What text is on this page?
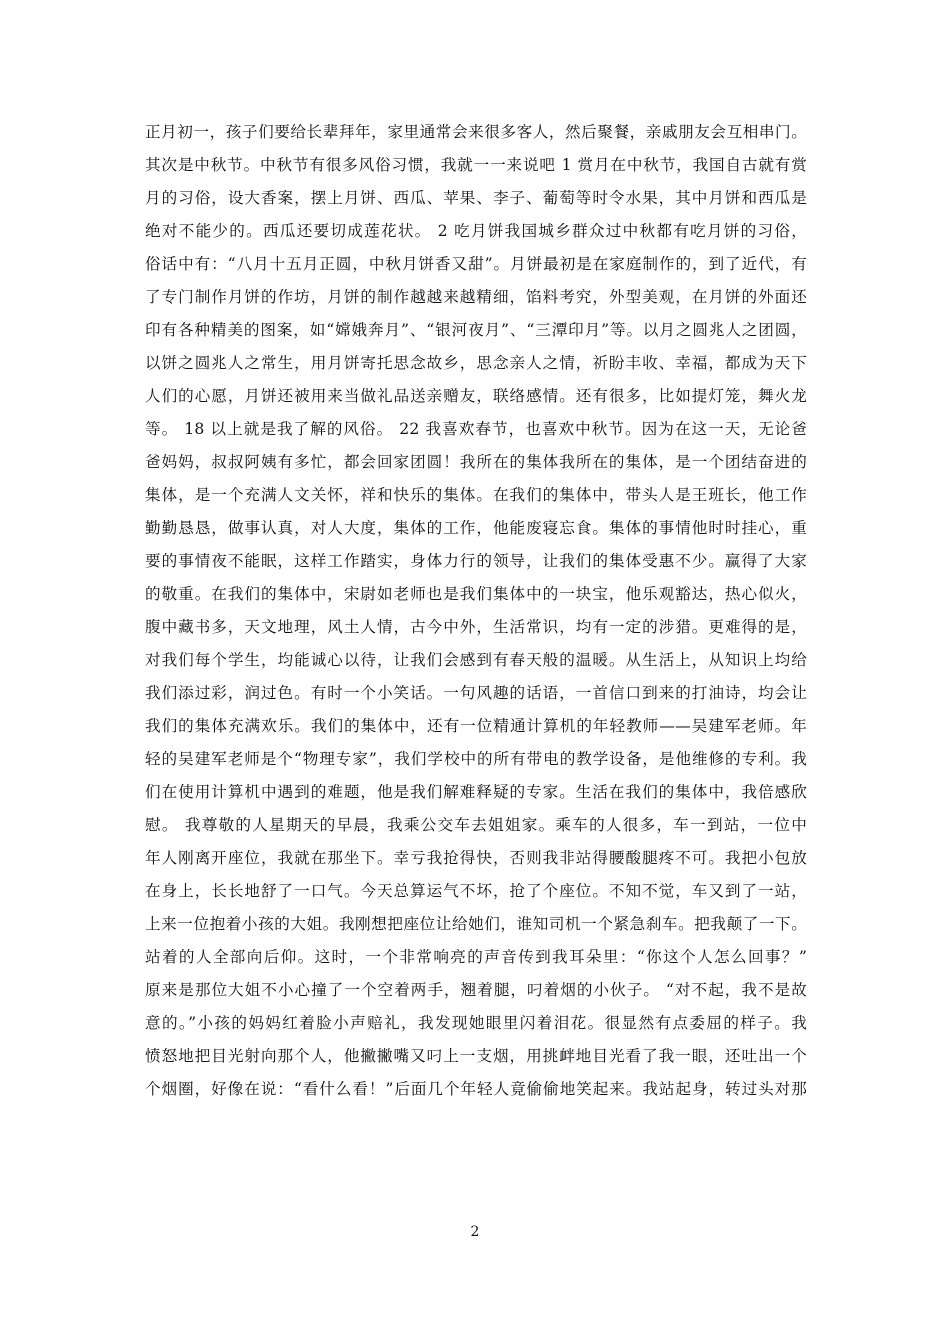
正月初一，孩子们要给长辈拜年，家里通常会来很多客人，然后聚餐，亲戚朋友会互相串门。
其次是中秋节。中秋节有很多风俗习惯，我就一一来说吧 1 赏月在中秋节，我国自古就有赏
月的习俗，设大香案，摆上月饼、西瓜、苹果、李子、葡萄等时令水果，其中月饼和西瓜是
绝对不能少的。西瓜还要切成莲花状。 2 吃月饼我国城乡群众过中秋都有吃月饼的习俗，
俗话中有：“八月十五月正圆，中秋月饼香又甜”。月饼最初是在家庭制作的，到了近代，有
了专门制作月饼的作坊，月饼的制作越越来越精细，馅料考究，外型美观，在月饼的外面还
印有各种精美的图案，如“嫦娥奔月”、“银河夜月”、“三潭印月”等。以月之圆兆人之团圆，
以饼之圆兆人之常生，用月饼寄托思念故乡，思念亲人之情，祈盼丰收、幸福，都成为天下
人们的心愿，月饼还被用来当做礼品送亲赠友，联络感情。还有很多，比如提灯笼，舞火龙
等。 18 以上就是我了解的风俗。 22 我喜欢春节，也喜欢中秋节。因为在这一天，无论爸
爸妈妈，叔叔阿姨有多忙，都会回家团圆！我所在的集体我所在的集体，是一个团结奋进的
集体，是一个充满人文关怀，祥和快乐的集体。在我们的集体中，带头人是王班长，他工作
勤勤恳恳，做事认真，对人大度，集体的工作，他能废寝忘食。集体的事情他时时挂心，重
要的事情夜不能眠，这样工作踏实，身体力行的领导，让我们的集体受惠不少。赢得了大家
的敬重。在我们的集体中，宋尉如老师也是我们集体中的一块宝，他乐观豁达，热心似火，
腹中藏书多，天文地理，风土人情，古今中外，生活常识，均有一定的涉猎。更难得的是，
对我们每个学生，均能诚心以待，让我们会感到有春天般的温暖。从生活上，从知识上均给
我们添过彩，润过色。有时一个小笑话。一句风趣的话语，一首信口到来的打油诗，均会让
我们的集体充满欢乐。我们的集体中，还有一位精通计算机的年轻教师——吴建军老师。年
轻的吴建军老师是个“物理专家”，我们学校中的所有带电的教学设备，是他维修的专利。我
们在使用计算机中遇到的难题，他是我们解难释疑的专家。生活在我们的集体中，我倍感欣
慰。 我尊敬的人星期天的早晨，我乘公交车去姐姐家。乘车的人很多，车一到站，一位中
年人刚离开座位，我就在那坐下。幸亏我抢得快，否则我非站得腰酸腿疼不可。我把小包放
在身上，长长地舒了一口气。今天总算运气不坏，抢了个座位。不知不觉，车又到了一站，
上来一位抱着小孩的大姐。我刚想把座位让给她们，谁知司机一个紧急刹车。把我颠了一下。
站着的人全部向后仰。这时，一个非常响亮的声音传到我耳朵里：“你这个人怎么回事？”
原来是那位大姐不小心撞了一个空着两手，翘着腿，叼着烟的小伙子。 “对不起，我不是故
意的。”小孩的妈妈红着脸小声赔礼，我发现她眼里闪着泪花。很显然有点委屈的样子。我
愤怒地把目光射向那个人，他撇撇嘴又叼上一支烟，用挑衅地目光看了我一眼，还吐出一个
个烟圈，好像在说：“看什么看！”后面几个年轻人竟偷偷地笑起来。我站起身，转过头对那
2
